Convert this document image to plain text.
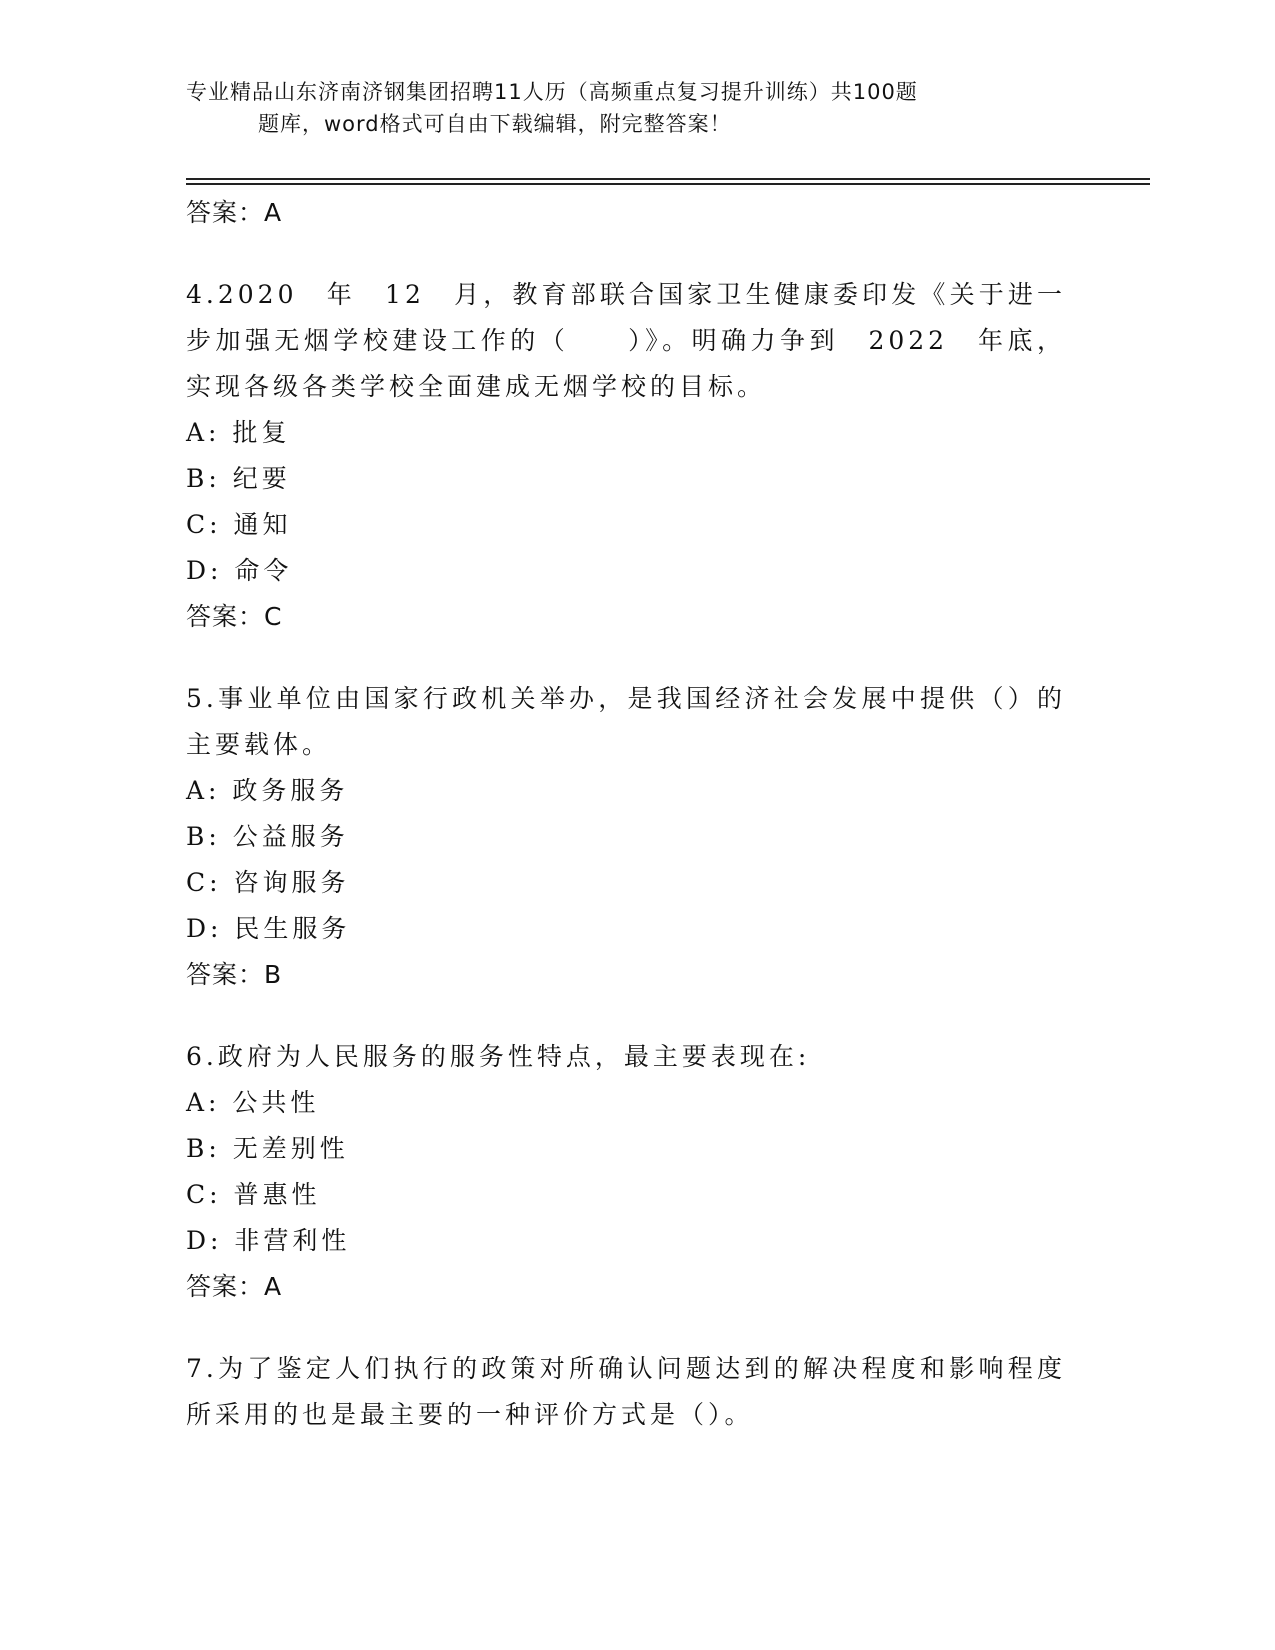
专业精品山东济南济钢集团招聘11人历（高频重点复习提升训练）共100题
题库，word格式可自由下载编辑，附完整答案！
答案：A
4.2020　年　12　月，教育部联合国家卫生健康委印发《关于进一步加强无烟学校建设工作的（　　）》。明确力争到　2022　年底，实现各级各类学校全面建成无烟学校的目标。
A: 批复
B: 纪要
C: 通知
D: 命令
答案：C
5.事业单位由国家行政机关举办，是我国经济社会发展中提供（）的主要载体。
A: 政务服务
B: 公益服务
C: 咨询服务
D: 民生服务
答案：B
6.政府为人民服务的服务性特点，最主要表现在:
A: 公共性
B: 无差别性
C: 普惠性
D: 非营利性
答案：A
7.为了鉴定人们执行的政策对所确认问题达到的解决程度和影响程度所采用的也是最主要的一种评价方式是（）。
